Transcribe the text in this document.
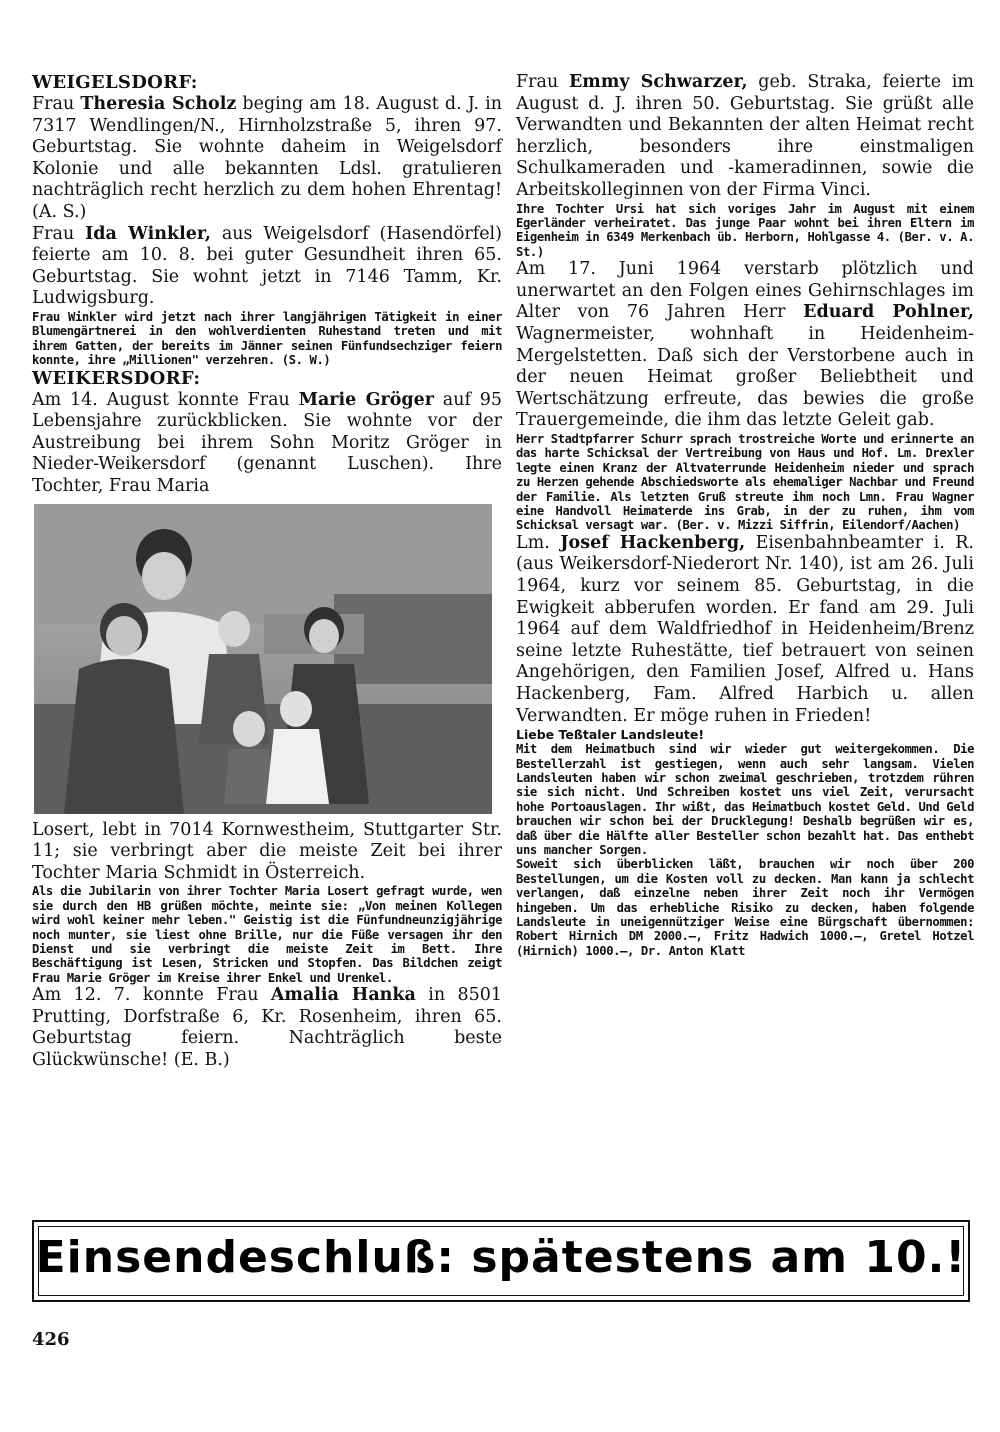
WEIGELSDORF:

Frau Theresia Scholz beging am 18. August d. J. in 7317 Wendlingen/N., Hirnholzstraße 5, ihren 97. Geburtstag. Sie wohnte daheim in Weigelsdorf Kolonie und alle bekannten Ldsl. gratulieren nachträglich recht herzlich zu dem hohen Ehrentag! (A. S.)

Frau Ida Winkler, aus Weigelsdorf (Hasendörfel) feierte am 10. 8. bei guter Gesundheit ihren 65. Geburtstag. Sie wohnt jetzt in 7146 Tamm, Kr. Ludwigsburg.

Frau Winkler wird jetzt nach ihrer langjährigen Tätigkeit in einer Blumengärtnerei in den wohlverdienten Ruhestand treten und mit ihrem Gatten, der bereits im Jänner seinen Fünfundsechziger feiern konnte, ihre „Millionen" verzehren. (S. W.)

WEIKERSDORF:

Am 14. August konnte Frau Marie Gröger auf 95 Lebensjahre zurückblicken. Sie wohnte vor der Austreibung bei ihrem Sohn Moritz Gröger in Nieder-Weikersdorf (genannt Luschen). Ihre Tochter, Frau Maria

Losert, lebt in 7014 Kornwestheim, Stuttgarter Str. 11; sie verbringt aber die meiste Zeit bei ihrer Tochter Maria Schmidt in Österreich.

Als die Jubilarin von ihrer Tochter Maria Losert gefragt wurde, wen sie durch den HB grüßen möchte, meinte sie: „Von meinen Kollegen wird wohl keiner mehr leben." Geistig ist die Fünfundneunzigjährige noch munter, sie liest ohne Brille, nur die Füße versagen ihr den Dienst und sie verbringt die meiste Zeit im Bett. Ihre Beschäftigung ist Lesen, Stricken und Stopfen. Das Bildchen zeigt Frau Marie Gröger im Kreise ihrer Enkel und Urenkel.

Am 12. 7. konnte Frau Amalia Hanka in 8501 Prutting, Dorfstraße 6, Kr. Rosenheim, ihren 65. Geburtstag feiern. Nachträglich beste Glückwünsche! (E. B.)

Frau Emmy Schwarzer, geb. Straka, feierte im August d. J. ihren 50. Geburtstag. Sie grüßt alle Verwandten und Bekannten der alten Heimat recht herzlich, besonders ihre einstmaligen Schulkameraden und -kameradinnen, sowie die Arbeitskolleginnen von der Firma Vinci.

Ihre Tochter Ursi hat sich voriges Jahr im August mit einem Egerländer verheiratet. Das junge Paar wohnt bei ihren Eltern im Eigenheim in 6349 Merkenbach üb. Herborn, Hohlgasse 4. (Ber. v. A. St.)

Am 17. Juni 1964 verstarb plötzlich und unerwartet an den Folgen eines Gehirnschlages im Alter von 76 Jahren Herr Eduard Pohlner, Wagnermeister, wohnhaft in Heidenheim-Mergelstetten. Daß sich der Verstorbene auch in der neuen Heimat großer Beliebtheit und Wertschätzung erfreute, das bewies die große Trauergemeinde, die ihm das letzte Geleit gab.

Herr Stadtpfarrer Schurr sprach trostreiche Worte und erinnerte an das harte Schicksal der Vertreibung von Haus und Hof. Lm. Drexler legte einen Kranz der Altvaterrunde Heidenheim nieder und sprach zu Herzen gehende Abschiedsworte als ehemaliger Nachbar und Freund der Familie. Als letzten Gruß streute ihm noch Lmn. Frau Wagner eine Handvoll Heimaterde ins Grab, in der zu ruhen, ihm vom Schicksal versagt war. (Ber. v. Mizzi Siffrin, Eilendorf/Aachen)

Lm. Josef Hackenberg, Eisenbahnbeamter i. R. (aus Weikersdorf-Niederort Nr. 140), ist am 26. Juli 1964, kurz vor seinem 85. Geburtstag, in die Ewigkeit abberufen worden. Er fand am 29. Juli 1964 auf dem Waldfriedhof in Heidenheim/Brenz seine letzte Ruhestätte, tief betrauert von seinen Angehörigen, den Familien Josef, Alfred u. Hans Hackenberg, Fam. Alfred Harbich u. allen Verwandten. Er möge ruhen in Frieden!

Liebe Teßtaler Landsleute!

Mit dem Heimatbuch sind wir wieder gut weitergekommen. Die Bestellerzahl ist gestiegen, wenn auch sehr langsam. Vielen Landsleuten haben wir schon zweimal geschrieben, trotzdem rühren sie sich nicht. Und Schreiben kostet uns viel Zeit, verursacht hohe Portoauslagen. Ihr wißt, das Heimatbuch kostet Geld. Und Geld brauchen wir schon bei der Drucklegung! Deshalb begrüßen wir es, daß über die Hälfte aller Besteller schon bezahlt hat. Das enthebt uns mancher Sorgen.

Soweit sich überblicken läßt, brauchen wir noch über 200 Bestellungen, um die Kosten voll zu decken. Man kann ja schlecht verlangen, daß einzelne neben ihrer Zeit noch ihr Vermögen hingeben. Um das erhebliche Risiko zu decken, haben folgende Landsleute in uneigennütziger Weise eine Bürgschaft übernommen: Robert Hirnich DM 2000.—, Fritz Hadwich 1000.—, Gretel Hotzel (Hirnich) 1000.—, Dr. Anton Klatt

Einsendeschluß: spätestens am 10.!
426
